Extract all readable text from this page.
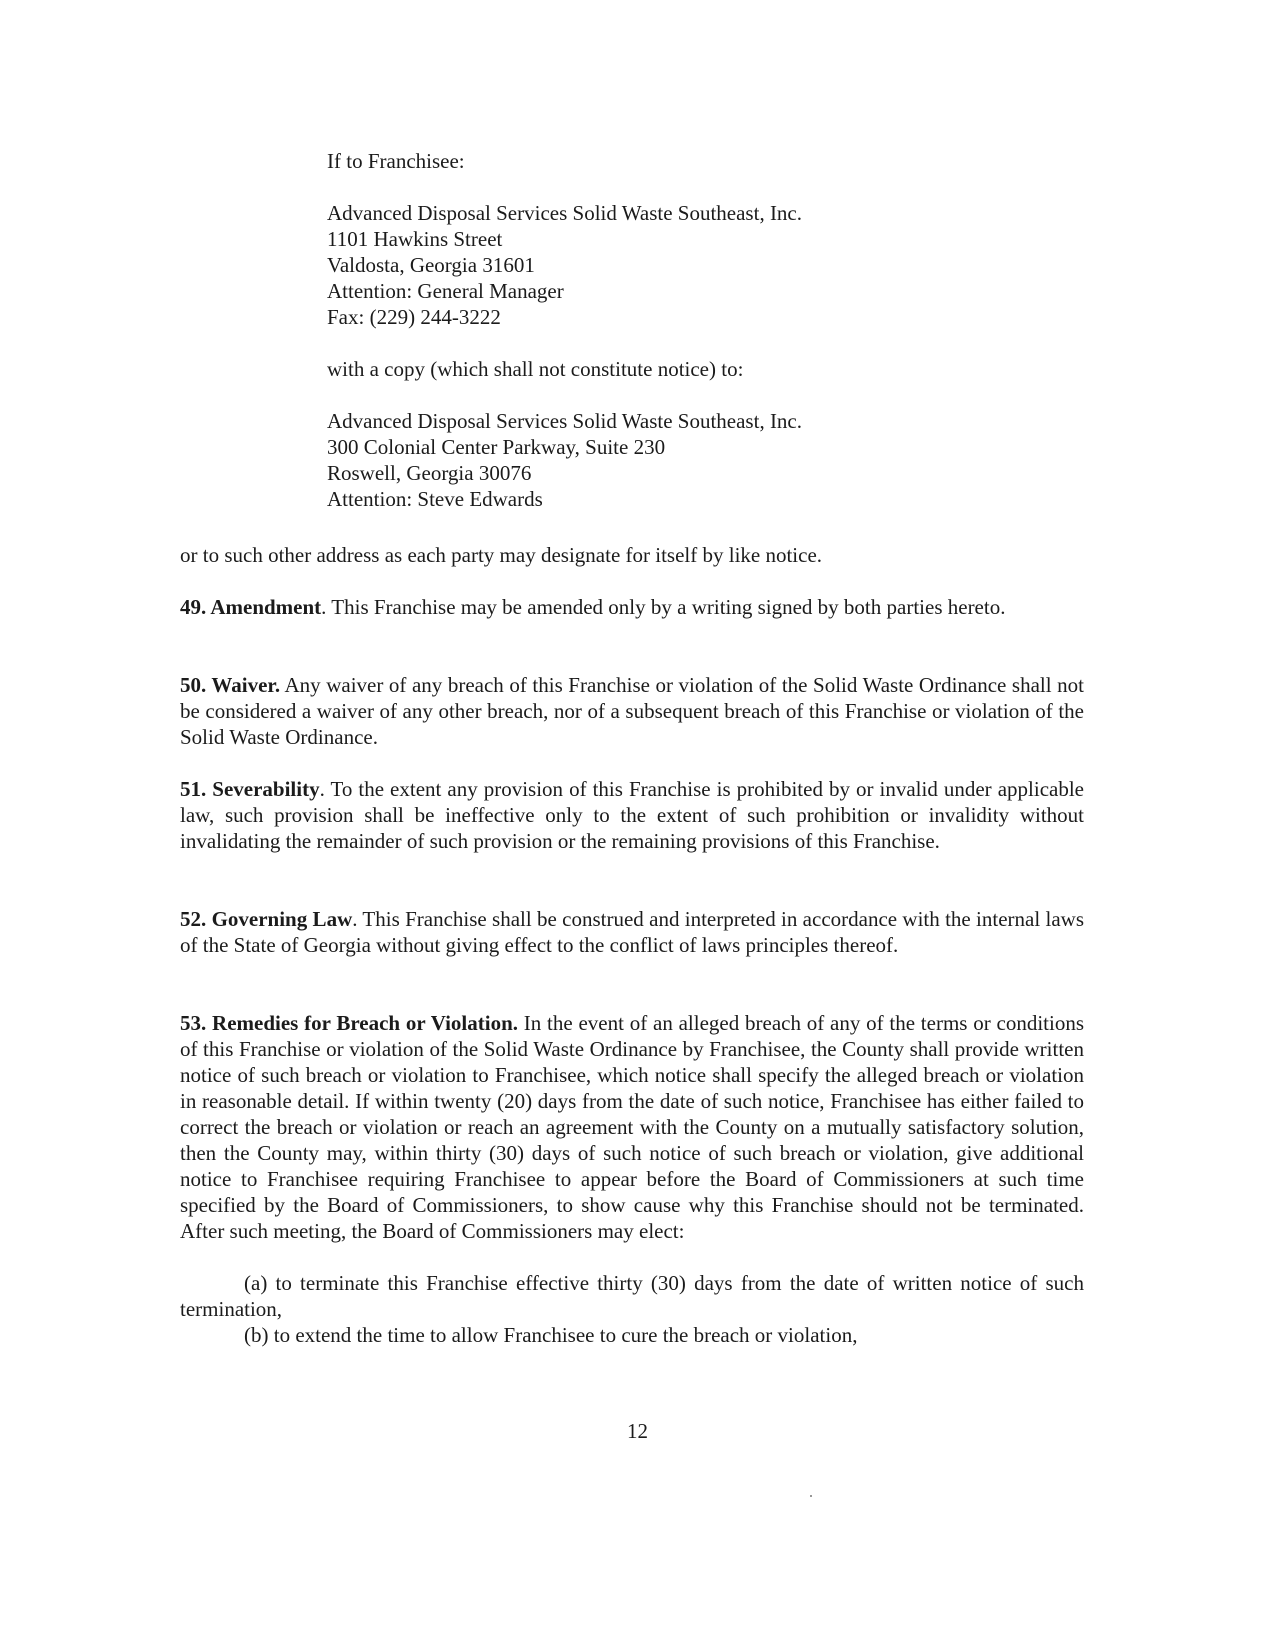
If to Franchisee:
Advanced Disposal Services Solid Waste Southeast, Inc.
1101 Hawkins Street
Valdosta, Georgia 31601
Attention: General Manager
Fax: (229) 244-3222
with a copy (which shall not constitute notice) to:
Advanced Disposal Services Solid Waste Southeast, Inc.
300 Colonial Center Parkway, Suite 230
Roswell, Georgia 30076
Attention: Steve Edwards
or to such other address as each party may designate for itself by like notice.
49. Amendment. This Franchise may be amended only by a writing signed by both parties hereto.
50. Waiver. Any waiver of any breach of this Franchise or violation of the Solid Waste Ordinance shall not be considered a waiver of any other breach, nor of a subsequent breach of this Franchise or violation of the Solid Waste Ordinance.
51. Severability. To the extent any provision of this Franchise is prohibited by or invalid under applicable law, such provision shall be ineffective only to the extent of such prohibition or invalidity without invalidating the remainder of such provision or the remaining provisions of this Franchise.
52. Governing Law. This Franchise shall be construed and interpreted in accordance with the internal laws of the State of Georgia without giving effect to the conflict of laws principles thereof.
53. Remedies for Breach or Violation. In the event of an alleged breach of any of the terms or conditions of this Franchise or violation of the Solid Waste Ordinance by Franchisee, the County shall provide written notice of such breach or violation to Franchisee, which notice shall specify the alleged breach or violation in reasonable detail. If within twenty (20) days from the date of such notice, Franchisee has either failed to correct the breach or violation or reach an agreement with the County on a mutually satisfactory solution, then the County may, within thirty (30) days of such notice of such breach or violation, give additional notice to Franchisee requiring Franchisee to appear before the Board of Commissioners at such time specified by the Board of Commissioners, to show cause why this Franchise should not be terminated. After such meeting, the Board of Commissioners may elect:
(a) to terminate this Franchise effective thirty (30) days from the date of written notice of such termination,
(b) to extend the time to allow Franchisee to cure the breach or violation,
12
